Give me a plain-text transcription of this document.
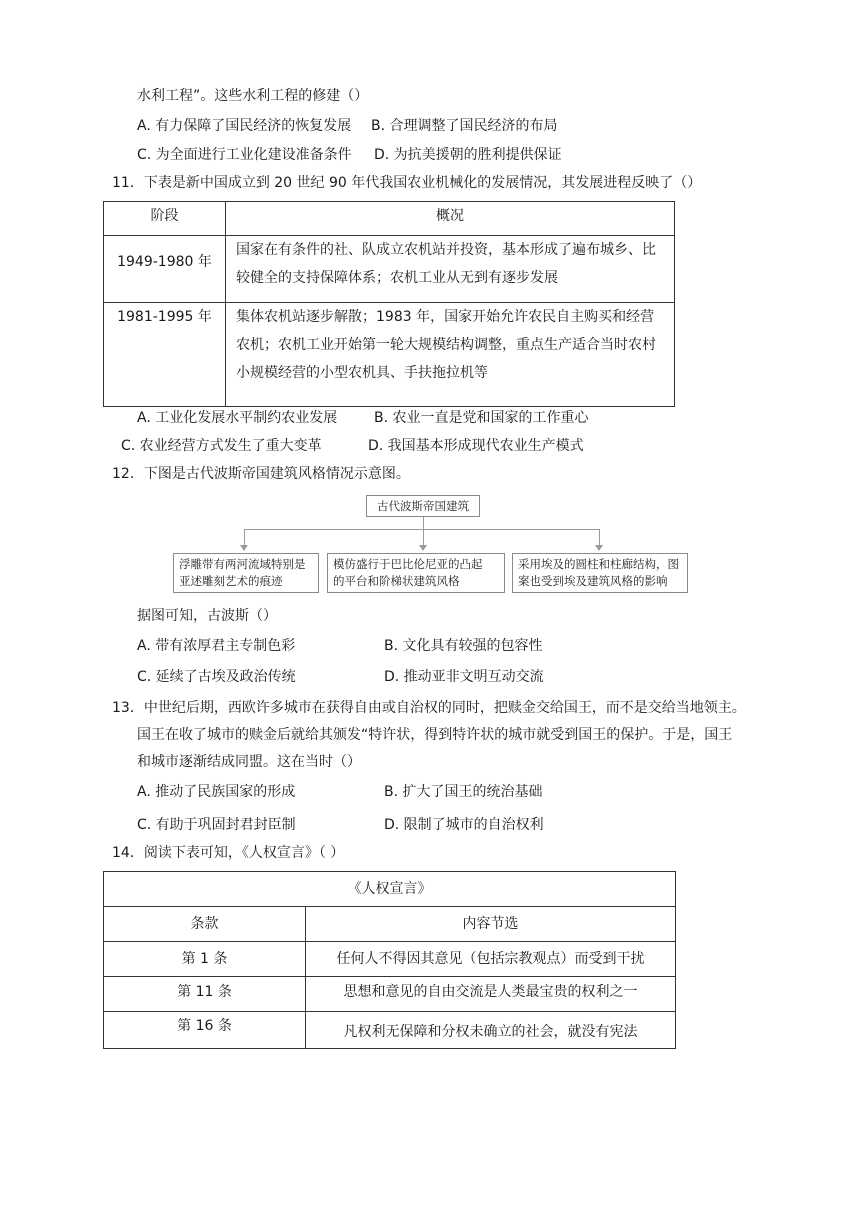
水利工程”。这些水利工程的修建（）
A. 有力保障了国民经济的恢复发展 B. 合理调整了国民经济的布局
C. 为全面进行工业化建设准备条件 D. 为抗美援朝的胜利提供保证
11．下表是新中国成立到 20 世纪 90 年代我国农业机械化的发展情况，其发展进程反映了（）
阶段	概况
1949-1980 年	国家在有条件的社、队成立农机站并投资，基本形成了遍布城乡、比
较健全的支持保障体系；农机工业从无到有逐步发展

1981-1995 年	集体农机站逐步解散；1983 年，国家开始允许农民自主购买和经营
农机；农机工业开始第一轮大规模结构调整，重点生产适合当时农村
小规模经营的小型农机具、手扶拖拉机等
A. 工业化发展水平制约农业发展	B. 农业一直是党和国家的工作重心
C. 农业经营方式发生了重大变革	D. 我国基本形成现代农业生产模式
12．下图是古代波斯帝国建筑风格情况示意图。
古代波斯帝国建筑
浮雕带有两河流域特别是
亚述雕刻艺术的痕迹
模仿盛行于巴比伦尼亚的凸起
的平台和阶梯状建筑风格
采用埃及的圆柱和柱廊结构，图
案也受到埃及建筑风格的影响
据图可知，古波斯（）
A. 带有浓厚君主专制色彩	B. 文化具有较强的包容性
C. 延续了古埃及政治传统	D. 推动亚非文明互动交流
13．中世纪后期，西欧许多城市在获得自由或自治权的同时，把赎金交给国王，而不是交给当地领主。
国王在收了城市的赎金后就给其颁发“特许状，得到特许状的城市就受到国王的保护。于是，国王
和城市逐渐结成同盟。这在当时（）
A. 推动了民族国家的形成	B. 扩大了国王的统治基础
C. 有助于巩固封君封臣制	D. 限制了城市的自治权利
14．阅读下表可知，《人权宣言》（ ）
《人权宣言》	
条款	内容节选
第 1 条	任何人不得因其意见（包括宗教观点）而受到干扰
第 11 条	思想和意见的自由交流是人类最宝贵的权利之一
第 16 条	凡权利无保障和分权未确立的社会，就没有宪法
